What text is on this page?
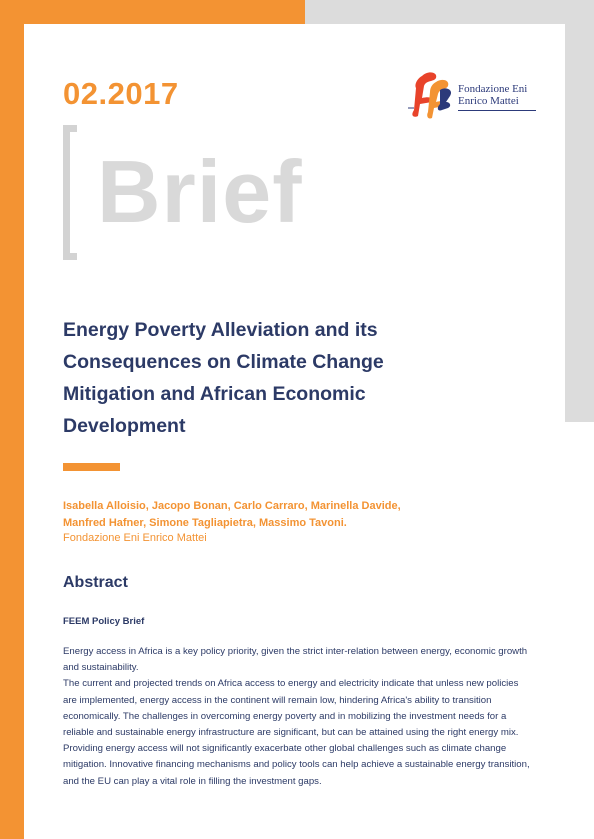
02.2017	Fondazione Eni
Enrico Mattei
Brief
Energy Poverty Alleviation and its
Consequences on Climate Change
Mitigation and African Economic
Development
Isabella Alloisio, Jacopo Bonan, Carlo Carraro, Marinella Davide,
Manfred Hafner, Simone Tagliapietra, Massimo Tavoni.
Fondazione Eni Enrico Mattei
Abstract
FEEM Policy Brief

Energy access in Africa is a key policy priority, given the strict inter-relation between energy, economic growth and sustainability.

The current and projected trends on Africa access to energy and electricity indicate that unless new policies are implemented, energy access in the continent will remain low, hindering Africa's ability to transition economically. The challenges in overcoming energy poverty and in mobilizing the investment needs for a reliable and sustainable energy infrastructure are significant, but can be attained using the right energy mix. Providing energy access will not significantly exacerbate other global challenges such as climate change mitigation. Innovative financing mechanisms and policy tools can help achieve a sustainable energy transition, and the EU can play a vital role in filling the investment gaps.
